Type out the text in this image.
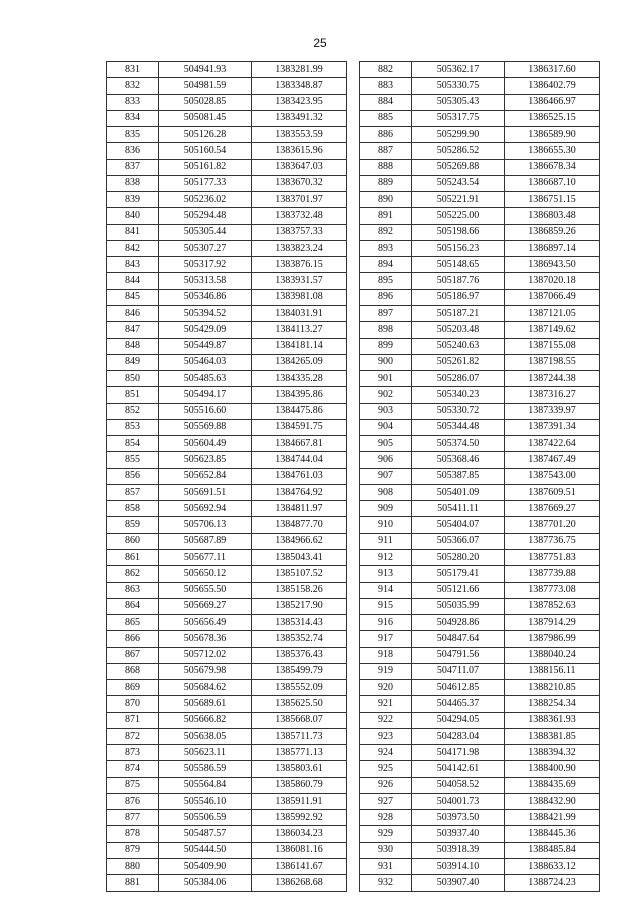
25
831	504941.93	1383281.99
832	504981.59	1383348.87
833	505028.85	1383423.95
834	505081.45	1383491.32
835	505126.28	1383553.59
836	505160.54	1383615.96
837	505161.82	1383647.03
838	505177.33	1383670.32
839	505236.02	1383701.97
840	505294.48	1383732.48
841	505305.44	1383757.33
842	505307.27	1383823.24
843	505317.92	1383876.15
844	505313.58	1383931.57
845	505346.86	1383981.08
846	505394.52	1384031.91
847	505429.09	1384113.27
848	505449.87	1384181.14
849	505464.03	1384265.09
850	505485.63	1384335.28
851	505494.17	1384395.86
852	505516.60	1384475.86
853	505569.88	1384591.75
854	505604.49	1384667.81
855	505623.85	1384744.04
856	505652.84	1384761.03
857	505691.51	1384764.92
858	505692.94	1384811.97
859	505706.13	1384877.70
860	505687.89	1384966.62
861	505677.11	1385043.41
862	505650.12	1385107.52
863	505655.50	1385158.26
864	505669.27	1385217.90
865	505656.49	1385314.43
866	505678.36	1385352.74
867	505712.02	1385376.43
868	505679.98	1385499.79
869	505684.62	1385552.09
870	505689.61	1385625.50
871	505666.82	1385668.07
872	505638.05	1385711.73
873	505623.11	1385771.13
874	505586.59	1385803.61
875	505564.84	1385860.79
876	505546.10	1385911.91
877	505506.59	1385992.92
878	505487.57	1386034.23
879	505444.50	1386081.16
880	505409.90	1386141.67
881	505384.06	1386268.68
882	505362.17	1386317.60
883	505330.75	1386402.79
884	505305.43	1386466.97
885	505317.75	1386525.15
886	505299.90	1386589.90
887	505286.52	1386655.30
888	505269.88	1386678.34
889	505243.54	1386687.10
890	505221.91	1386751.15
891	505225.00	1386803.48
892	505198.66	1386859.26
893	505156.23	1386897.14
894	505148.65	1386943.50
895	505187.76	1387020.18
896	505186.97	1387066.49
897	505187.21	1387121.05
898	505203.48	1387149.62
899	505240.63	1387155.08
900	505261.82	1387198.55
901	505286.07	1387244.38
902	505340.23	1387316.27
903	505330.72	1387339.97
904	505344.48	1387391.34
905	505374.50	1387422.64
906	505368.46	1387467.49
907	505387.85	1387543.00
908	505401.09	1387609.51
909	505411.11	1387669.27
910	505404.07	1387701.20
911	505366.07	1387736.75
912	505280.20	1387751.83
913	505179.41	1387739.88
914	505121.66	1387773.08
915	505035.99	1387852.63
916	504928.86	1387914.29
917	504847.64	1387986.99
918	504791.56	1388040.24
919	504711.07	1388156.11
920	504612.85	1388210.85
921	504465.37	1388254.34
922	504294.05	1388361.93
923	504283.04	1388381.85
924	504171.98	1388394.32
925	504142.61	1388400.90
926	504058.52	1388435.69
927	504001.73	1388432.90
928	503973.50	1388421.99
929	503937.40	1388445.36
930	503918.39	1388485.84
931	503914.10	1388633.12
932	503907.40	1388724.23
